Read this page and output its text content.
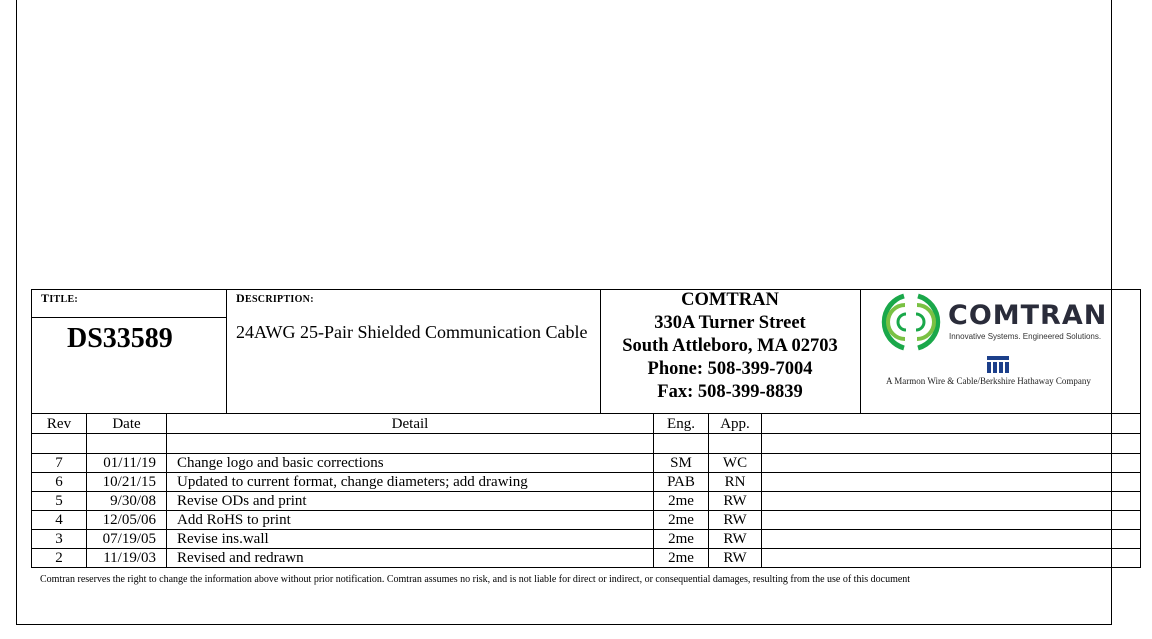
TITLE:
DS33589
DESCRIPTION:
24AWG 25-Pair Shielded Communication Cable
COMTRAN
330A Turner Street
South Attleboro, MA 02703
Phone: 508-399-7004
Fax: 508-399-8839
COMTRAN
Innovative Systems. Engineered Solutions.
A Marmon Wire & Cable/Berkshire Hathaway Company
Rev	Date	Detail	Eng.	App.	

7	01/11/19	Change logo and basic corrections	SM	WC	
6	10/21/15	Updated to current format, change diameters; add drawing	PAB	RN	
5	9/30/08	Revise ODs and print	2me	RW	
4	12/05/06	Add RoHS to print	2me	RW	
3	07/19/05	Revise ins.wall	2me	RW	
2	11/19/03	Revised and redrawn	2me	RW	
Comtran reserves the right to change the information above without prior notification. Comtran assumes no risk, and is not liable for direct or indirect, or consequential damages, resulting from the use of this document
